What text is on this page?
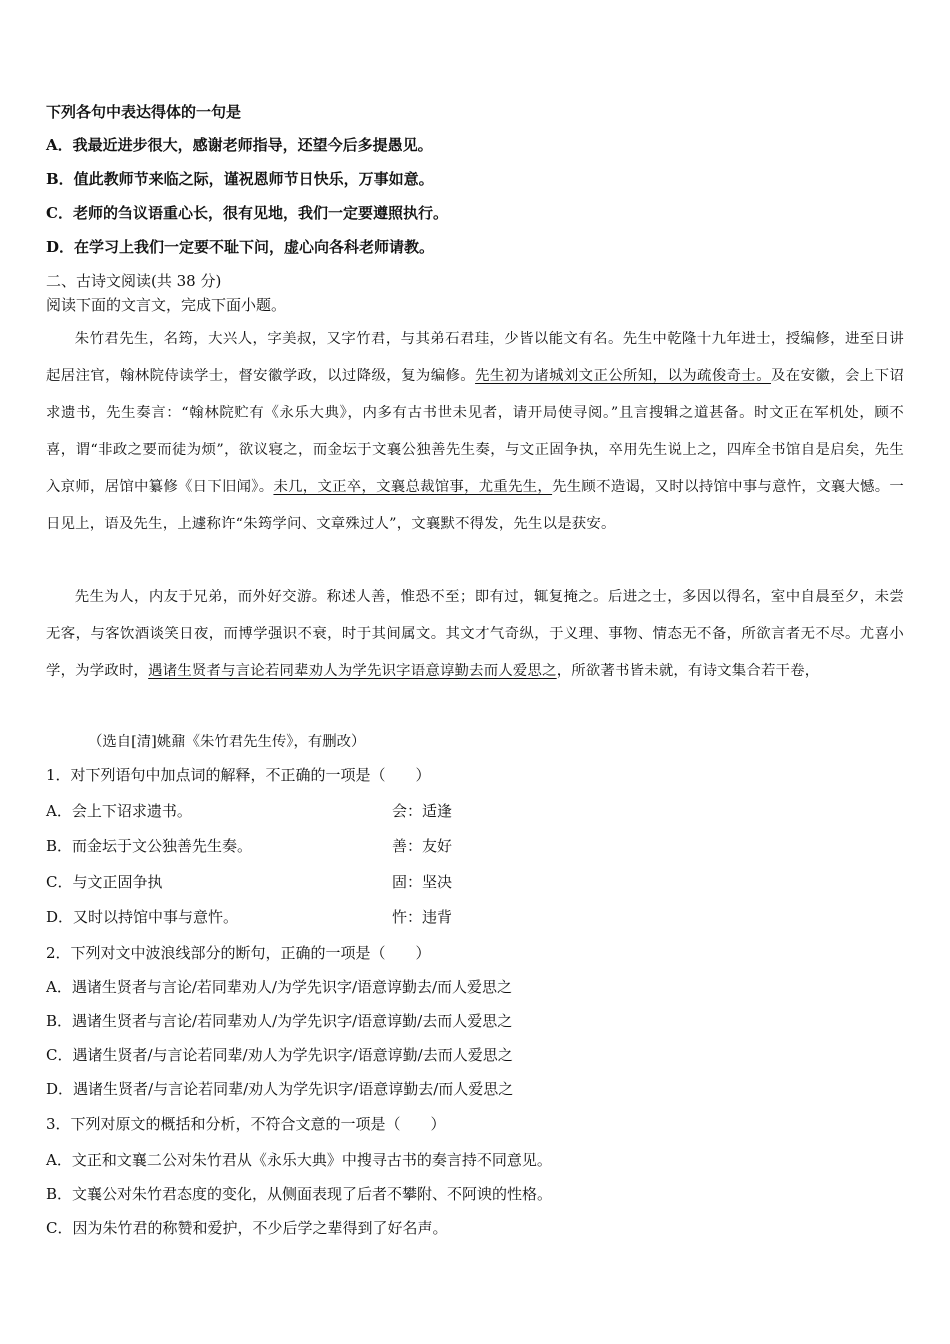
下列各句中表达得体的一句是
A．我最近进步很大，感谢老师指导，还望今后多提愚见。
B．值此教师节来临之际，谨祝恩师节日快乐，万事如意。
C．老师的刍议语重心长，很有见地，我们一定要遵照执行。
D．在学习上我们一定要不耻下问，虚心向各科老师请教。
二、古诗文阅读(共 38 分)
阅读下面的文言文，完成下面小题。
朱竹君先生，名筠，大兴人，字美叔，又字竹君，与其弟石君珪，少皆以能文有名。先生中乾隆十九年进士，授编修，进至日讲起居注官，翰林院侍读学士，督安徽学政，以过降级，复为编修。先生初为诸城刘文正公所知，以为疏俊奇士。及在安徽，会上下诏求遗书，先生奏言：“翰林院贮有《永乐大典》，内多有古书世未见者，请开局使寻阅。”且言搜辑之道甚备。时文正在军机处，顾不喜，谓“非政之要而徒为烦”，欲议寝之，而金坛于文襄公独善先生奏，与文正固争执，卒用先生说上之，四库全书馆自是启矣，先生入京师，居馆中纂修《日下旧闻》。未几，文正卒，文襄总裁馆事，尤重先生，先生顾不造谒，又时以持馆中事与意忤，文襄大憾。一日见上，语及先生，上遽称许“朱筠学问、文章殊过人”，文襄默不得发，先生以是获安。
先生为人，内友于兄弟，而外好交游。称述人善，惟恐不至；即有过，辄复掩之。后进之士，多因以得名，室中自晨至夕，未尝无客，与客饮酒谈笑日夜，而博学强识不衰，时于其间属文。其文才气奇纵，于义理、事物、情态无不备，所欲言者无不尽。尤喜小学，为学政时，遇诸生贤者与言论若同辈劝人为学先识字语意谆勤去而人爱思之，所欲著书皆未就，有诗文集合若干卷，
（选自[清]姚鼐《朱竹君先生传》，有删改）
1．对下列语句中加点词的解释，不正确的一项是（　　）
A．会上下诏求遗书。	会：适逢
B．而金坛于文公独善先生奏。	善：友好
C．与文正固争执	固：坚决
D．又时以持馆中事与意忤。	忤：违背
2．下列对文中波浪线部分的断句，正确的一项是（　　）
A．遇诸生贤者与言论/若同辈劝人/为学先识字/语意谆勤去/而人爱思之
B．遇诸生贤者与言论/若同辈劝人/为学先识字/语意谆勤/去而人爱思之
C．遇诸生贤者/与言论若同辈/劝人为学先识字/语意谆勤/去而人爱思之
D．遇诸生贤者/与言论若同辈/劝人为学先识字/语意谆勤去/而人爱思之
3．下列对原文的概括和分析，不符合文意的一项是（　　）
A．文正和文襄二公对朱竹君从《永乐大典》中搜寻古书的奏言持不同意见。
B．文襄公对朱竹君态度的变化，从侧面表现了后者不攀附、不阿谀的性格。
C．因为朱竹君的称赞和爱护，不少后学之辈得到了好名声。
